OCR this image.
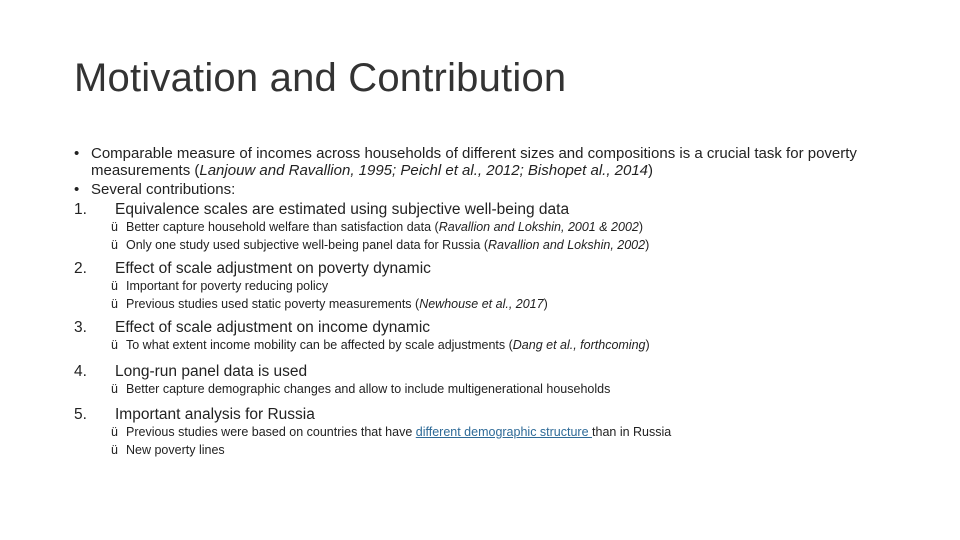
Motivation and Contribution
• Comparable measure of incomes across households of different sizes and compositions is a crucial task for poverty measurements (Lanjouw and Ravallion, 1995; Peichl et al., 2012; Bishopet al., 2014)
• Several contributions:
1. Equivalence scales are estimated using subjective well-being data
ü Better capture household welfare than satisfaction data (Ravallion and Lokshin, 2001 & 2002)
ü Only one study used subjective well-being panel data for Russia (Ravallion and Lokshin, 2002)
2. Effect of scale adjustment on poverty dynamic
ü Important for poverty reducing policy
ü Previous studies used static poverty measurements (Newhouse et al., 2017)
3. Effect of scale adjustment on income dynamic
ü To what extent income mobility can be affected by scale adjustments (Dang et al., forthcoming)
4. Long-run panel data is used
ü Better capture demographic changes and allow to include multigenerational households
5. Important analysis for Russia
ü Previous studies were based on countries that have different demographic structure than in Russia
ü New poverty lines
